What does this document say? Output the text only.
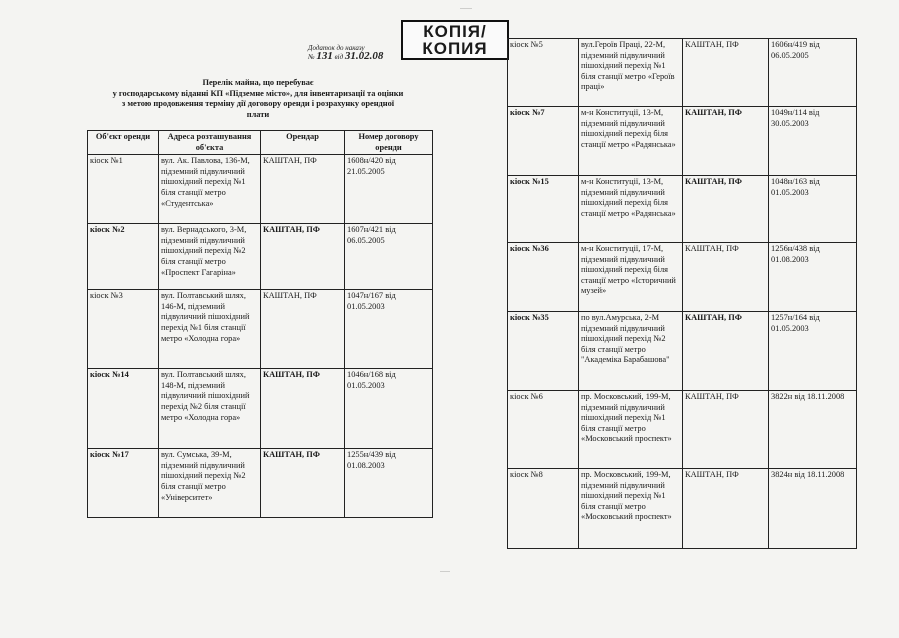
Додаток до наказу
№ 131 від 31.02.08
КОПІЯ/
КОПИЯ
Перелік майна, що перебуває
у господарському віданні КП «Підземне місто», для інвентаризації та оцінки
з метою продовження терміну дії договору оренди і розрахунку орендної
плати
Об'єкт оренди	Адреса розташування об'єкта	Орендар	Номер договору оренди
кіоск №1	вул. Ак. Павлова, 136-М, підземний підвуличний пішохідний перехід №1 біля станції метро «Студентська»	КАШТАН, ПФ	1608н/420 від 21.05.2005
кіоск №2	вул. Вернадського, 3-М, підземний підвуличний пішохідний перехід №2 біля станції метро «Проспект Гагаріна»	КАШТАН, ПФ	1607н/421 від 06.05.2005
кіоск №3	вул. Полтавський шлях, 146-М, підземний підвуличний пішохідний перехід №1 біля станції метро «Холодна гора»	КАШТАН, ПФ	1047н/167 від 01.05.2003
кіоск №14	вул. Полтавський шлях, 148-М, підземний підвуличний пішохідний перехід №2 біля станції метро «Холодна гора»	КАШТАН, ПФ	1046н/168 від 01.05.2003
кіоск №17	вул. Сумська, 39-М, підземний підвуличний пішохідний перехід №2 біля станції метро «Університет»	КАШТАН, ПФ	1255н/439 від 01.08.2003
кіоск №5	вул.Героїв Праці, 22-М, підземний підвуличний пішохідний перехід №1 біля станції метро «Героїв праці»	КАШТАН, ПФ	1606н/419 від 06.05.2005
кіоск №7	м-н Конституції, 13-М, підземний підвуличний пішохідний перехід біля станції метро «Радянська»	КАШТАН, ПФ	1049н/114 від 30.05.2003
кіоск №15	м-н Конституції, 13-М, підземний підвуличний пішохідний перехід біля станції метро «Радянська»	КАШТАН, ПФ	1048н/163 від 01.05.2003
кіоск №36	м-н Конституції, 17-М, підземний підвуличний пішохідний перехід біля станції метро «Історичний музей»	КАШТАН, ПФ	1256н/438 від 01.08.2003
кіоск №35	по вул.Амурська, 2-М підземний підвуличний пішохідний перехід №2 біля станції метро "Академіка Барабашова"	КАШТАН, ПФ	1257н/164 від 01.05.2003
кіоск №6	пр. Московський, 199-М, підземний підвуличний пішохідний перехід №1 біля станції метро «Московський проспект»	КАШТАН, ПФ	3822н від 18.11.2008
кіоск №8	пр. Московський, 199-М, підземний підвуличний пішохідний перехід №1 біля станції метро «Московський проспект»	КАШТАН, ПФ	3824н від 18.11.2008
